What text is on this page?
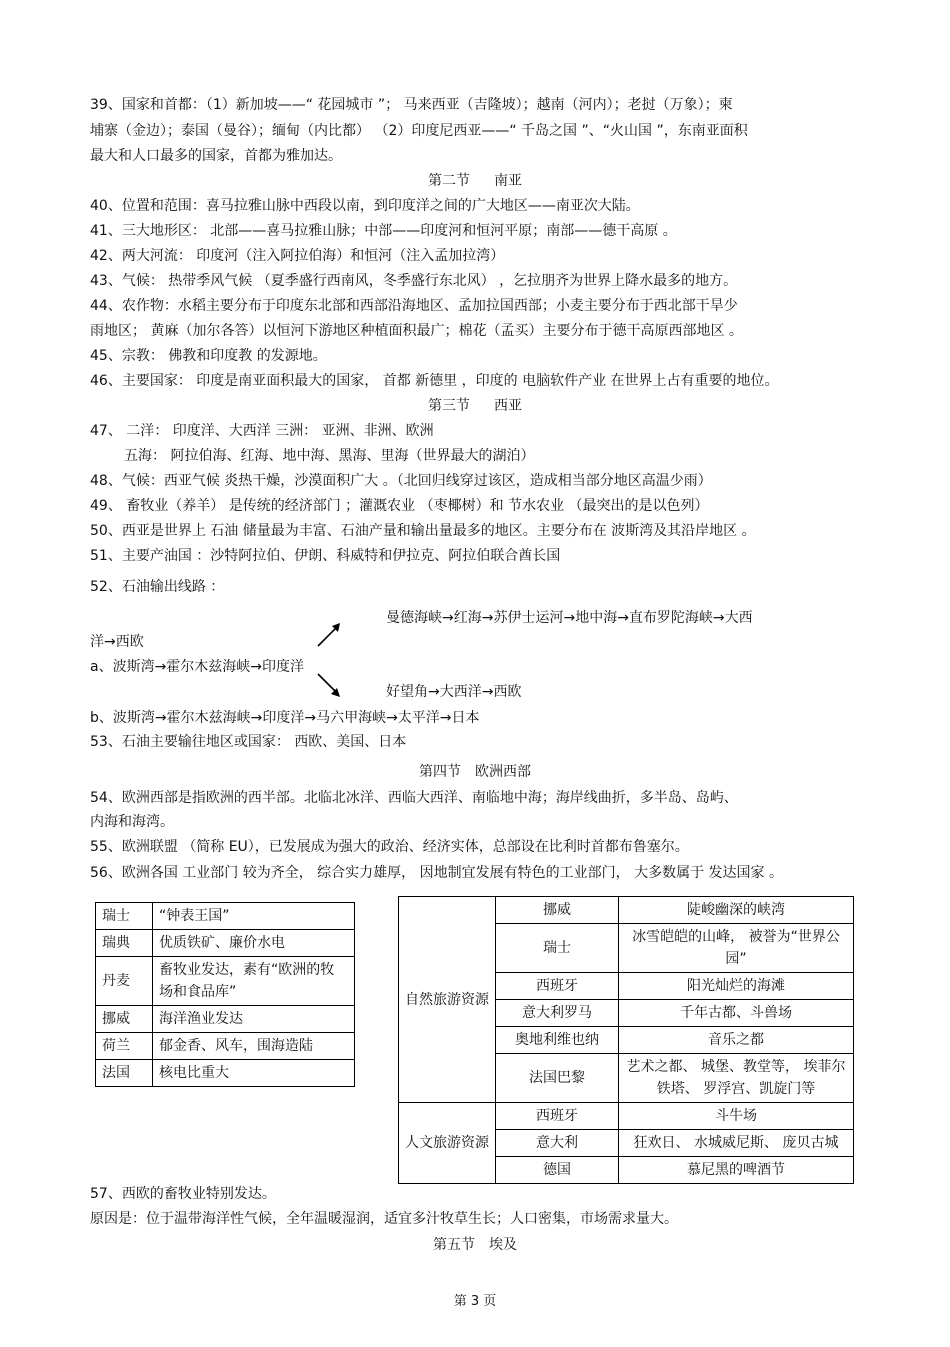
39、国家和首都：（1）新加坡——“ 花园城市 ”； 马来西亚（吉隆坡）；越南（河内）；老挝（万象）；柬
埔寨（金边）；泰国（曼谷）；缅甸（内比都） （2）印度尼西亚——“ 千岛之国 ”、“火山国 ”，东南亚面积
最大和人口最多的国家，首都为雅加达。
第二节 南亚
40、位置和范围：喜马拉雅山脉中西段以南，到印度洋之间的广大地区——南亚次大陆。
41、三大地形区： 北部——喜马拉雅山脉；中部——印度河和恒河平原；南部——德干高原 。
42、两大河流： 印度河（注入阿拉伯海）和恒河（注入孟加拉湾）
43、气候： 热带季风气候 （夏季盛行西南风，冬季盛行东北风） ，乞拉朋齐为世界上降水最多的地方。
44、农作物：水稻主要分布于印度东北部和西部沿海地区、孟加拉国西部；小麦主要分布于西北部干旱少
雨地区； 黄麻（加尔各答）以恒河下游地区种植面积最广；棉花（孟买）主要分布于德干高原西部地区 。
45、宗教： 佛教和印度教 的发源地。
46、主要国家： 印度是南亚面积最大的国家， 首都 新德里 ，印度的 电脑软件产业 在世界上占有重要的地位。
第三节 西亚
47、 二洋： 印度洋、大西洋 三洲： 亚洲、非洲、欧洲
五海： 阿拉伯海、红海、地中海、黑海、里海（世界最大的湖泊）
48、气候：西亚气候 炎热干燥，沙漠面积广大 。（北回归线穿过该区，造成相当部分地区高温少雨）
49、 畜牧业（养羊） 是传统的经济部门 ；灌溉农业 （枣椰树）和 节水农业 （最突出的是以色列）
50、西亚是世界上 石油 储量最为丰富、石油产量和输出量最多的地区。主要分布在 波斯湾及其沿岸地区 。
51、主要产油国 ：沙特阿拉伯、伊朗、科威特和伊拉克、阿拉伯联合酋长国
52、石油输出线路 ：
曼德海峡→红海→苏伊士运河→地中海→直布罗陀海峡→大西
洋→西欧
a、波斯湾→霍尔木兹海峡→印度洋
好望角→大西洋→西欧
b、波斯湾→霍尔木兹海峡→印度洋→马六甲海峡→太平洋→日本
53、石油主要输往地区或国家： 西欧、美国、日本
第四节 欧洲西部
54、欧洲西部是指欧洲的西半部。北临北冰洋、西临大西洋、南临地中海；海岸线曲折，多半岛、岛屿、
内海和海湾。
55、欧洲联盟 （简称 EU），已发展成为强大的政治、经济实体，总部设在比利时首都布鲁塞尔。
56、欧洲各国 工业部门 较为齐全， 综合实力雄厚， 因地制宜发展有特色的工业部门， 大多数属于 发达国家 。
瑞士	“钟表王国”
瑞典	优质铁矿、廉价水电
丹麦	畜牧业发达，素有“欧洲的牧场和食品库”
挪威	海洋渔业发达
荷兰	郁金香、风车，围海造陆
法国	核电比重大
自然旅游资源	挪威	陡峻幽深的峡湾
	瑞士	冰雪皑皑的山峰， 被誉为“世界公园”
	西班牙	阳光灿烂的海滩
	意大利罗马	千年古都、斗兽场
	奥地利维也纳	音乐之都
	法国巴黎	艺术之都、 城堡、教堂等， 埃菲尔铁塔、 罗浮宫、凯旋门等
人文旅游资源	西班牙	斗牛场
	意大利	狂欢日、 水城威尼斯、 庞贝古城
	德国	慕尼黑的啤酒节
57、西欧的畜牧业特别发达。
原因是：位于温带海洋性气候，全年温暖湿润，适宜多汁牧草生长；人口密集，市场需求量大。
第五节 埃及
第 3 页
